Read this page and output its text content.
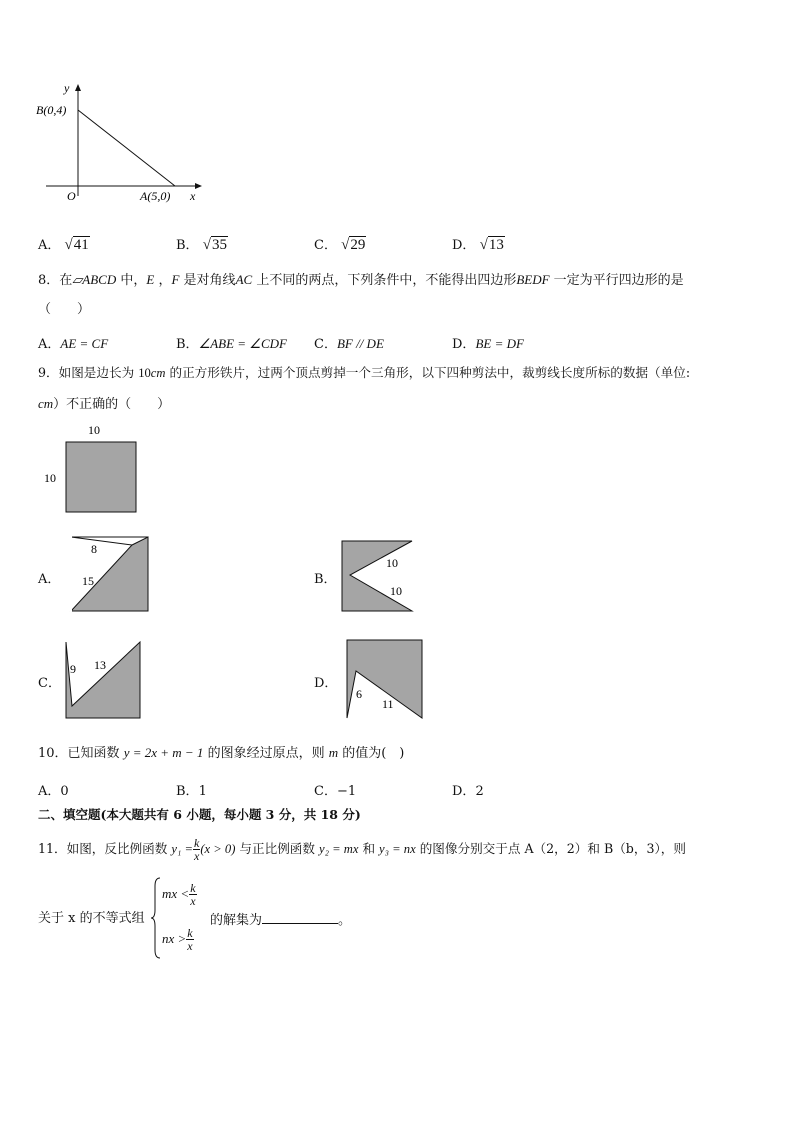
y
x
O
B(0,4)
A(5,0)
A． √41	B． √35	C． √29	D． √13
8．在▱ABCD 中，E ，F 是对角线AC 上不同的两点，下列条件中，不能得出四边形BEDF 一定为平行四边形的是
（　　）
A．AE = CF	B．∠ABE = ∠CDF C．BF // DE	D．BE = DF
9．如图是边长为 10cm 的正方形铁片，过两个顶点剪掉一个三角形，以下四种剪法中，裁剪线长度所标的数据（单位:
cm）不正确的（　　）
10
10
A．
8
15	B．
10
10
C．
9 13
D．
6
11
10．已知函数 y = 2x + m − 1 的图象经过原点，则 m 的值为(　)
A．0	B．1	C．−1	D．2
二、填空题(本大题共有 6 小题，每小题 3 分，共 18 分)
11．如图，反比例函数 $y_1 = \frac{k}{x} (x > 0)$ 与正比例函数 y₂ = mx 和 y₃ = nx 的图像分别交于点 A（2，2）和 B（b，3），则
关于 x 的不等式组
mx < $\frac{k}{x}$
nx > $\frac{k}{x}$
的解集为	。
